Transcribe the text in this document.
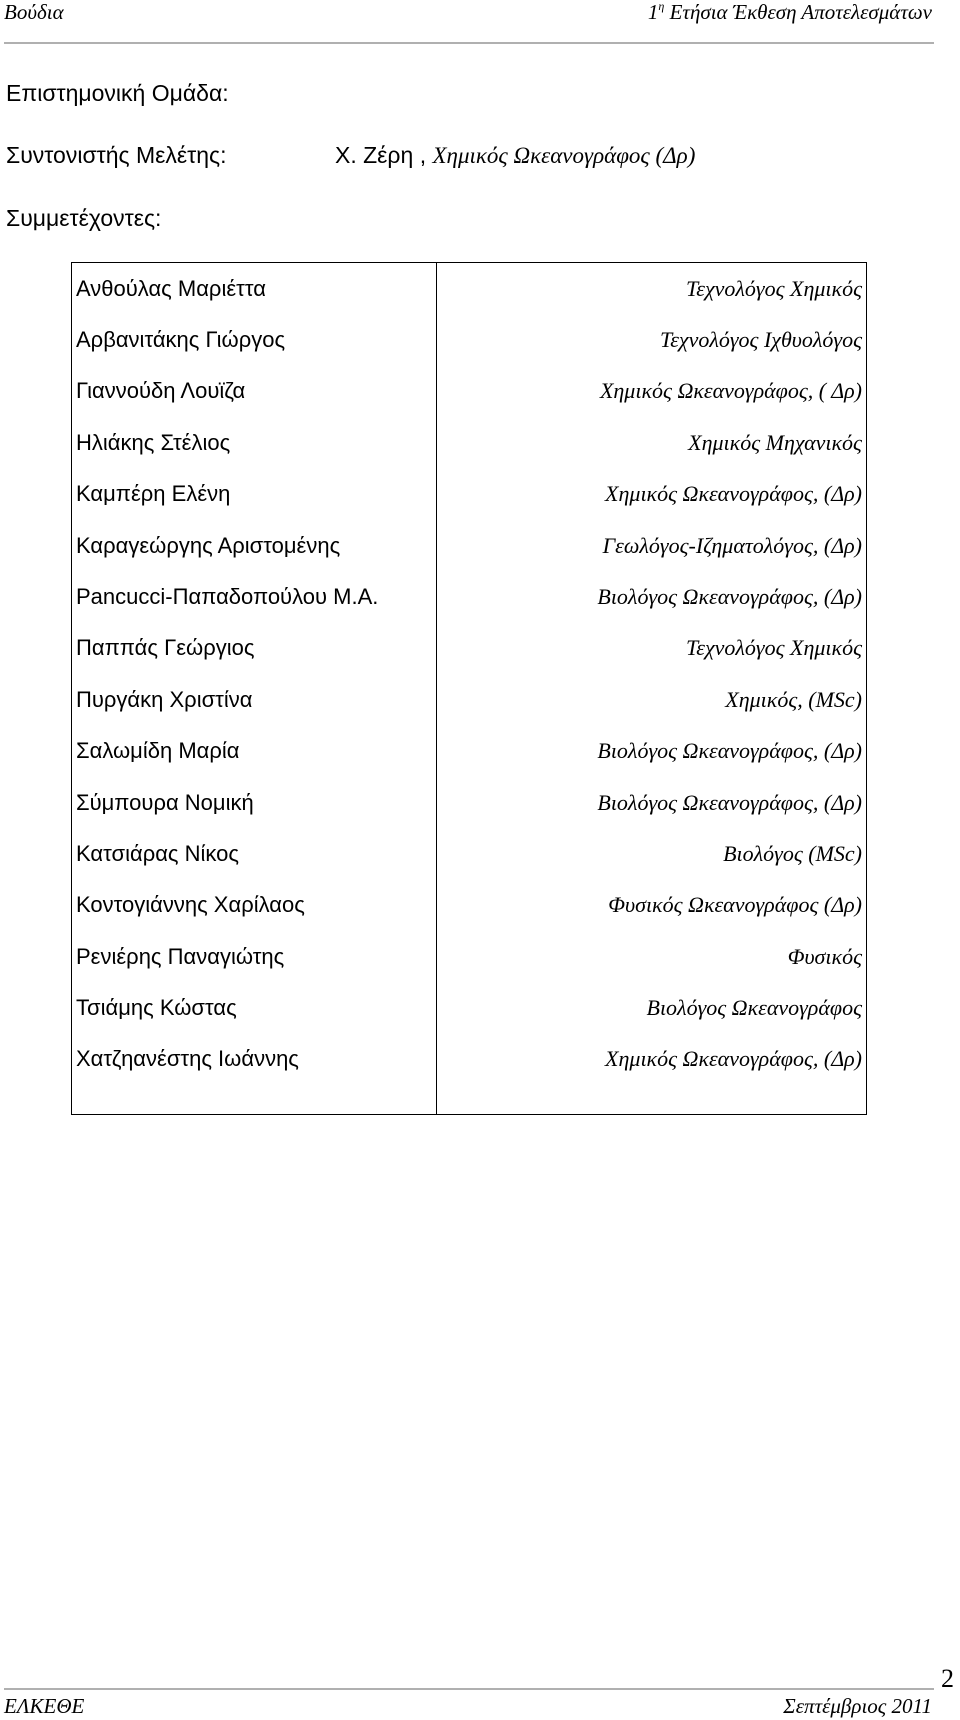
Βούδια	$1^\eta$ Ετήσια Έκθεση Αποτελεσμάτων
Επιστημονική Ομάδα:
Συντονιστής Μελέτης:	Χ. Ζέρη , Χημικός Ωκεανογράφος (Δρ)
Συμμετέχοντες:
Ανθούλας Μαριέττα	Τεχνολόγος Χημικός
Αρβανιτάκης Γιώργος	Τεχνολόγος Ιχθυολόγος
Γιαννούδη Λουϊζα	Χημικός Ωκεανογράφος, ( Δρ)
Ηλιάκης Στέλιος	Χημικός Μηχανικός
Καμπέρη Ελένη	Χημικός Ωκεανογράφος, (Δρ)
Καραγεώργης Αριστομένης	Γεωλόγος-Ιζηματολόγος, (Δρ)
Pancucci-Παπαδοπούλου Μ.Α.	Βιολόγος Ωκεανογράφος, (Δρ)
Παππάς Γεώργιος	Τεχνολόγος Χημικός
Πυργάκη Χριστίνα	Χημικός, (MSc)
Σαλωμίδη Μαρία	Βιολόγος Ωκεανογράφος, (Δρ)
Σύμπουρα Νομική	Βιολόγος Ωκεανογράφος, (Δρ)
Κατσιάρας Νίκος	Βιολόγος (MSc)
Κοντογιάννης Χαρίλαος	Φυσικός Ωκεανογράφος (Δρ)
Ρενιέρης Παναγιώτης	Φυσικός
Τσιάμης Κώστας	Βιολόγος Ωκεανογράφος
Χατζηανέστης Ιωάννης	Χημικός Ωκεανογράφος, (Δρ)
2
ΕΛΚΕΘΕ	Σεπτέμβριος 2011
